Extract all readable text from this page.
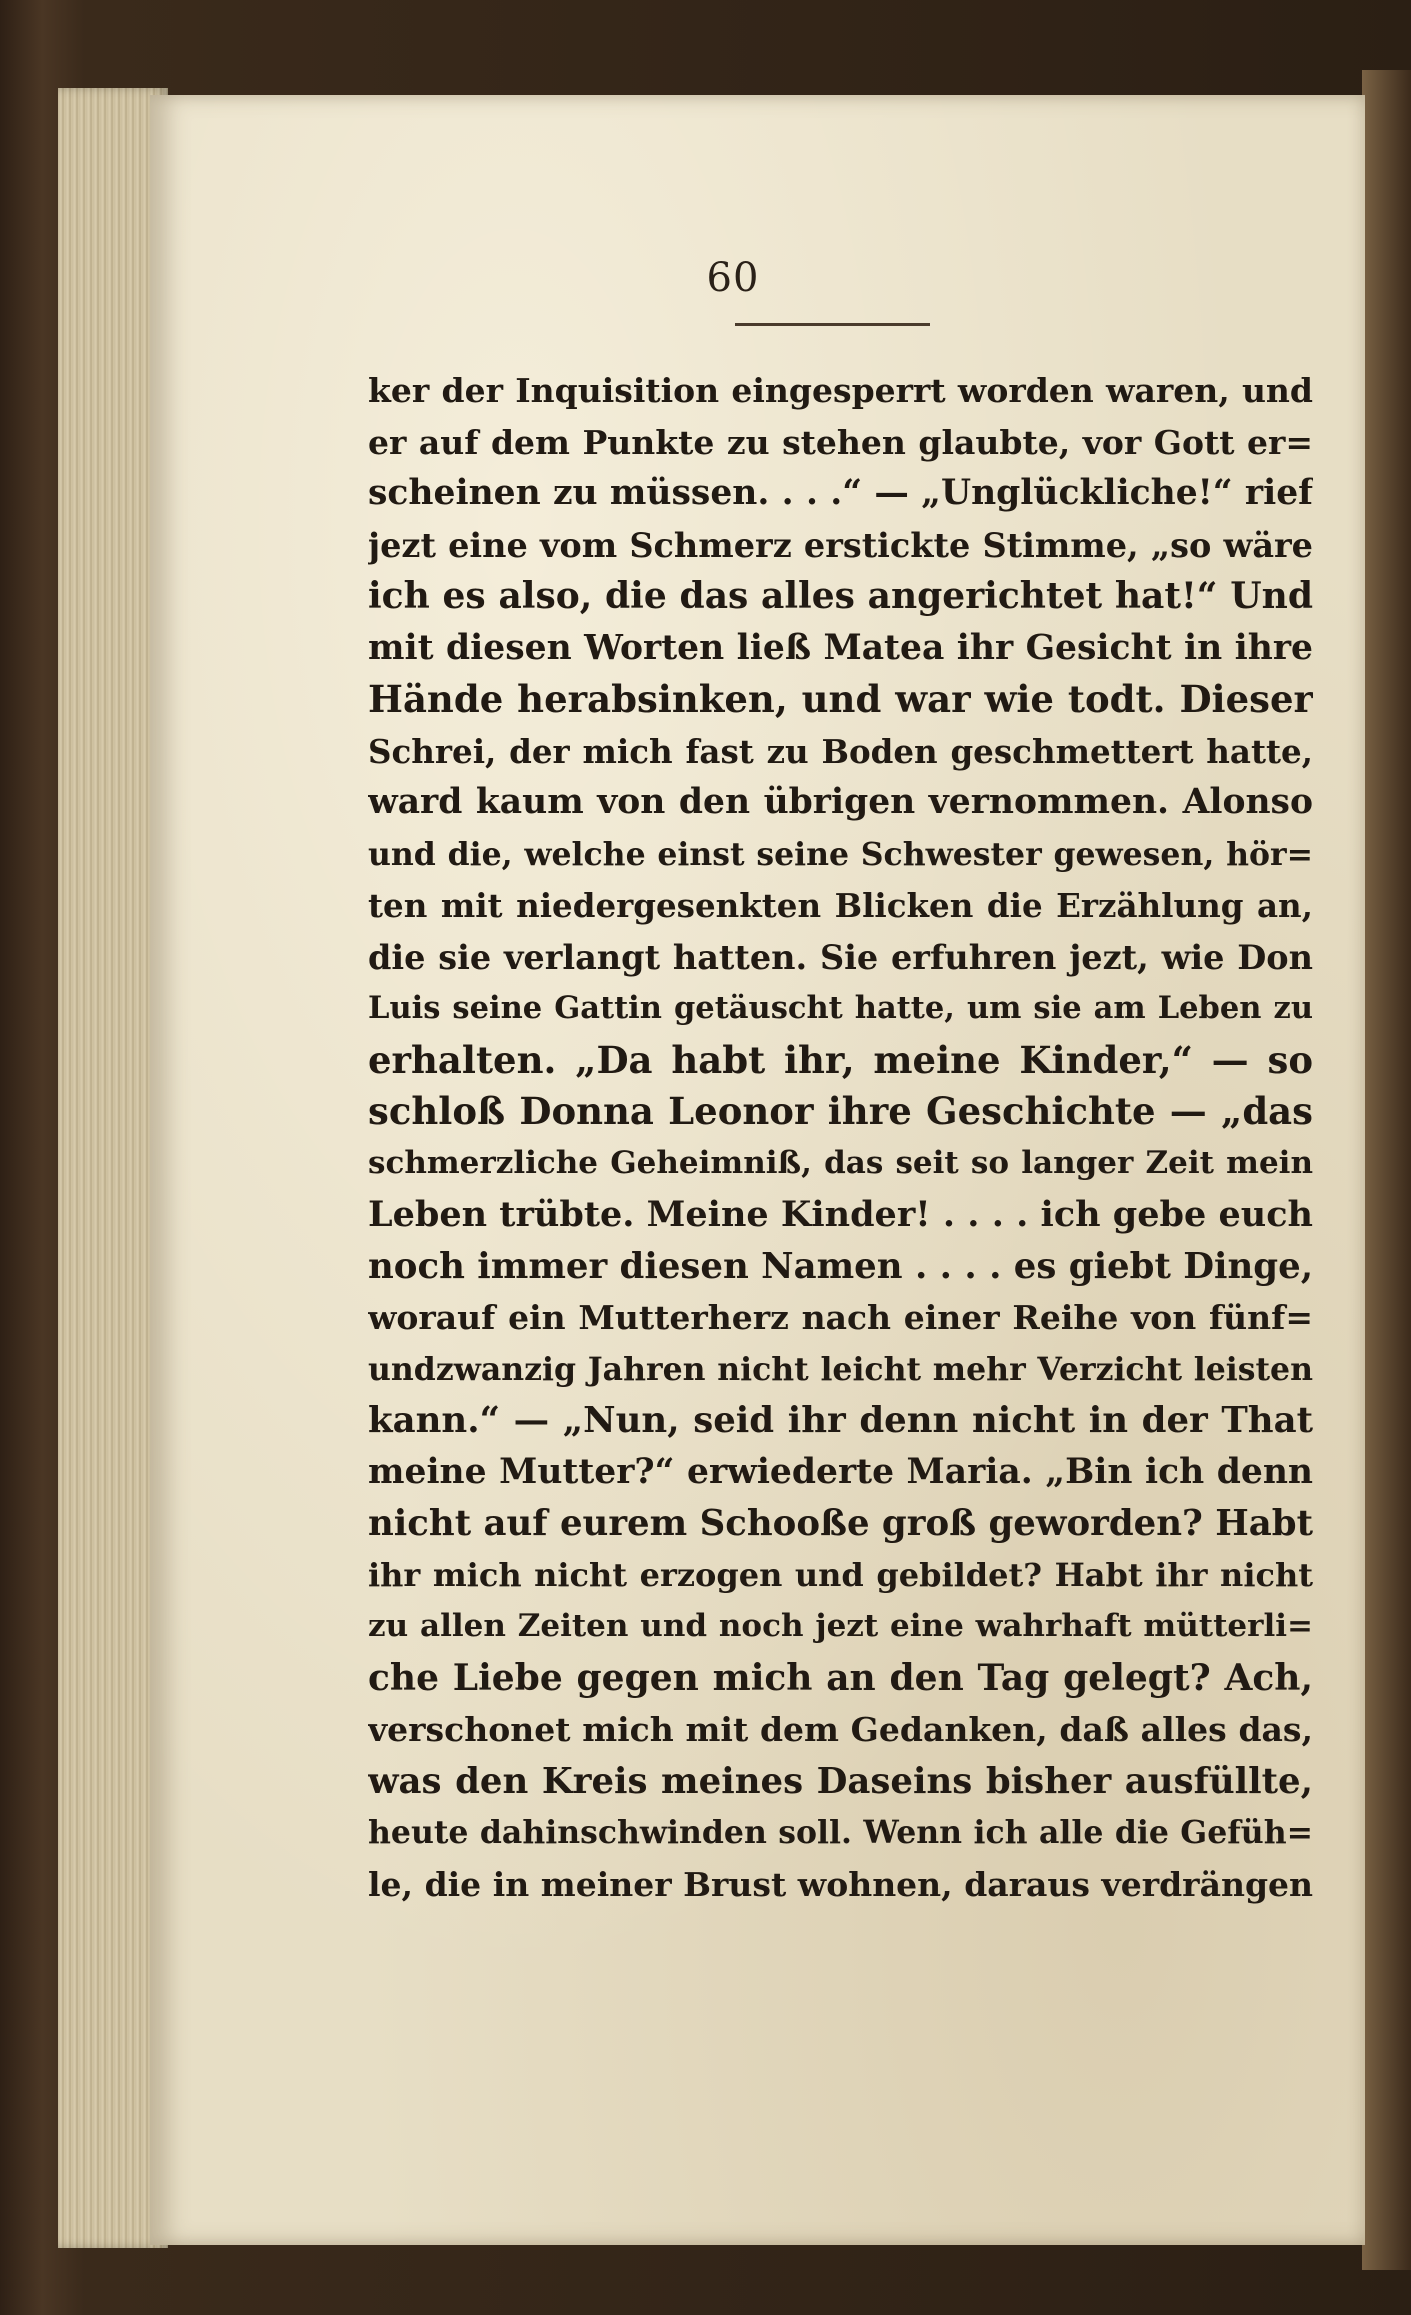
60
ker der Inquisition eingesperrt worden waren, und
er auf dem Punkte zu stehen glaubte, vor Gott er=
scheinen zu müssen. . . .“ — „Unglückliche!“ rief
jezt eine vom Schmerz erstickte Stimme, „so wäre
ich es also, die das alles angerichtet hat!“ Und
mit diesen Worten ließ Matea ihr Gesicht in ihre
Hände herabsinken, und war wie todt. Dieser
Schrei, der mich fast zu Boden geschmettert hatte,
ward kaum von den übrigen vernommen. Alonso
und die, welche einst seine Schwester gewesen, hör=
ten mit niedergesenkten Blicken die Erzählung an,
die sie verlangt hatten. Sie erfuhren jezt, wie Don
Luis seine Gattin getäuscht hatte, um sie am Leben zu
erhalten. „Da habt ihr, meine Kinder,“ — so
schloß Donna Leonor ihre Geschichte — „das
schmerzliche Geheimniß, das seit so langer Zeit mein
Leben trübte. Meine Kinder! . . . . ich gebe euch
noch immer diesen Namen . . . . es giebt Dinge,
worauf ein Mutterherz nach einer Reihe von fünf=
undzwanzig Jahren nicht leicht mehr Verzicht leisten
kann.“ — „Nun, seid ihr denn nicht in der That
meine Mutter?“ erwiederte Maria. „Bin ich denn
nicht auf eurem Schooße groß geworden? Habt
ihr mich nicht erzogen und gebildet? Habt ihr nicht
zu allen Zeiten und noch jezt eine wahrhaft mütterli=
che Liebe gegen mich an den Tag gelegt? Ach,
verschonet mich mit dem Gedanken, daß alles das,
was den Kreis meines Daseins bisher ausfüllte,
heute dahinschwinden soll. Wenn ich alle die Gefüh=
le, die in meiner Brust wohnen, daraus verdrängen
